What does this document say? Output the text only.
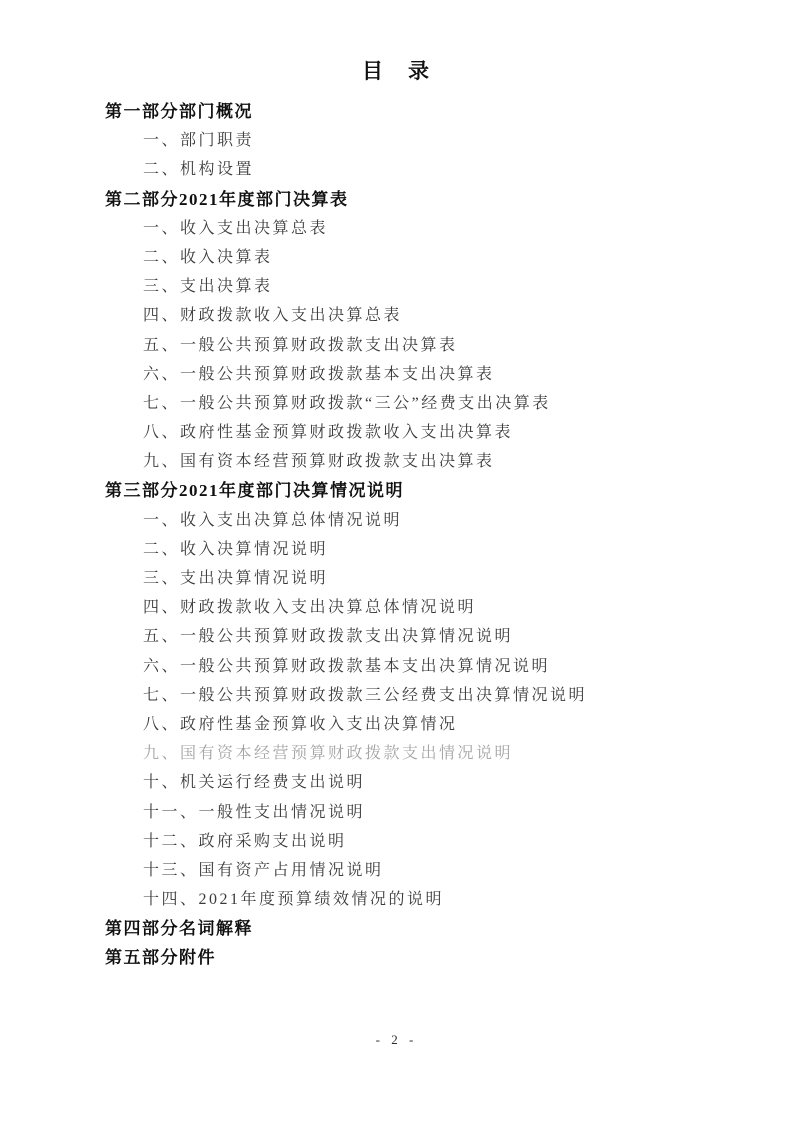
目　录
第一部分部门概况
一、部门职责
二、机构设置
第二部分2021年度部门决算表
一、收入支出决算总表
二、收入决算表
三、支出决算表
四、财政拨款收入支出决算总表
五、一般公共预算财政拨款支出决算表
六、一般公共预算财政拨款基本支出决算表
七、一般公共预算财政拨款“三公”经费支出决算表
八、政府性基金预算财政拨款收入支出决算表
九、国有资本经营预算财政拨款支出决算表
第三部分2021年度部门决算情况说明
一、收入支出决算总体情况说明
二、收入决算情况说明
三、支出决算情况说明
四、财政拨款收入支出决算总体情况说明
五、一般公共预算财政拨款支出决算情况说明
六、一般公共预算财政拨款基本支出决算情况说明
七、一般公共预算财政拨款三公经费支出决算情况说明
八、政府性基金预算收入支出决算情况
九、国有资本经营预算财政拨款支出情况说明
十、机关运行经费支出说明
十一、一般性支出情况说明
十二、政府采购支出说明
十三、国有资产占用情况说明
十四、2021年度预算绩效情况的说明
第四部分名词解释
第五部分附件
- 2 -
